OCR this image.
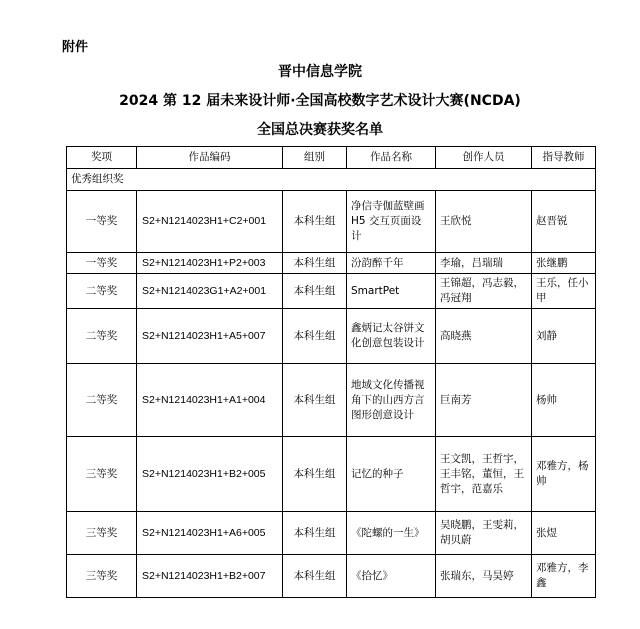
附件
晋中信息学院
2024 第 12 届未来设计师·全国高校数字艺术设计大赛(NCDA)
全国总决赛获奖名单
奖项	作品编码	组别	作品名称	创作人员	指导教师
优秀组织奖					
一等奖	S2+N1214023H1+C2+001	本科生组	净信寺伽蓝壁画 H5 交互页面设计	王欣悦	赵晋锐
一等奖	S2+N1214023H1+P2+003	本科生组	汾韵醉千年	李瑜，吕瑞瑞	张继鹏
二等奖	S2+N1214023G1+A2+001	本科生组	SmartPet	王锦超，冯志毅，冯冠翔	王乐，任小甲
二等奖	S2+N1214023H1+A5+007	本科生组	鑫炳记太谷饼文化创意包装设计	高晓燕	刘静
二等奖	S2+N1214023H1+A1+004	本科生组	地域文化传播视角下的山西方言图形创意设计	巨南芳	杨帅
三等奖	S2+N1214023H1+B2+005	本科生组	记忆的种子	王文凯，王哲宇，王丰铭，董恒，王哲宇，范嘉乐	邓雅方，杨帅
三等奖	S2+N1214023H1+A6+005	本科生组	《陀螺的一生》	吴晓鹏，王雯莉，胡贝蔚	张煜
三等奖	S2+N1214023H1+B2+007	本科生组	《拾忆》	张瑞东，马昊婷	邓雅方，李鑫
